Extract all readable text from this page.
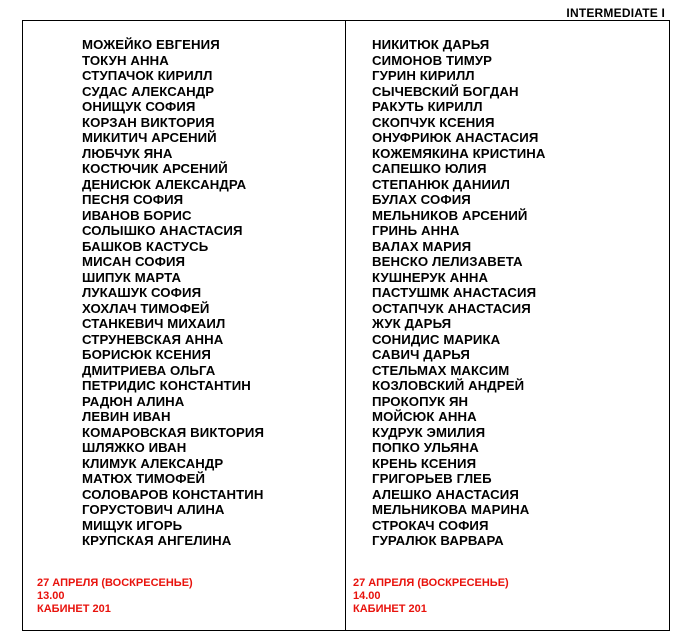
INTERMEDIATE I
МОЖЕЙКО ЕВГЕНИЯ
ТОКУН АННА
СТУПАЧОК КИРИЛЛ
СУДАС АЛЕКСАНДР
ОНИЩУК СОФИЯ
КОРЗАН ВИКТОРИЯ
МИКИТИЧ АРСЕНИЙ
ЛЮБЧУК ЯНА
КОСТЮЧИК АРСЕНИЙ
ДЕНИСЮК АЛЕКСАНДРА
ПЕСНЯ СОФИЯ
ИВАНОВ БОРИС
СОЛЫШКО АНАСТАСИЯ
БАШКОВ КАСТУСЬ
МИСАН СОФИЯ
ШИПУК МАРТА
ЛУКАШУК СОФИЯ
ХОХЛАЧ ТИМОФЕЙ
СТАНКЕВИЧ МИХАИЛ
СТРУНЕВСКАЯ АННА
БОРИСЮК КСЕНИЯ
ДМИТРИЕВА ОЛЬГА
ПЕТРИДИС КОНСТАНТИН
РАДЮН АЛИНА
ЛЕВИН ИВАН
КОМАРОВСКАЯ ВИКТОРИЯ
ШЛЯЖКО ИВАН
КЛИМУК АЛЕКСАНДР
МАТЮХ ТИМОФЕЙ
СОЛОВАРОВ КОНСТАНТИН
ГОРУСТОВИЧ АЛИНА
МИЩУК ИГОРЬ
КРУПСКАЯ АНГЕЛИНА
НИКИТЮК ДАРЬЯ
СИМОНОВ ТИМУР
ГУРИН КИРИЛЛ
СЫЧЕВСКИЙ БОГДАН
РАКУТЬ КИРИЛЛ
СКОПЧУК КСЕНИЯ
ОНУФРИЮК АНАСТАСИЯ
КОЖЕМЯКИНА КРИСТИНА
САПЕШКО ЮЛИЯ
СТЕПАНЮК ДАНИИЛ
БУЛАХ СОФИЯ
МЕЛЬНИКОВ АРСЕНИЙ
ГРИНЬ АННА
ВАЛАХ МАРИЯ
ВЕНСКО ЛЕЛИЗАВЕТА
КУШНЕРУК АННА
ПАСТУШМК АНАСТАСИЯ
ОСТАПЧУК АНАСТАСИЯ
ЖУК ДАРЬЯ
СОНИДИС МАРИКА
САВИЧ ДАРЬЯ
СТЕЛЬМАХ МАКСИМ
КОЗЛОВСКИЙ АНДРЕЙ
ПРОКОПУК ЯН
МОЙСЮК АННА
КУДРУК ЭМИЛИЯ
ПОПКО УЛЬЯНА
КРЕНЬ КСЕНИЯ
ГРИГОРЬЕВ ГЛЕБ
АЛЕШКО АНАСТАСИЯ
МЕЛЬНИКОВА МАРИНА
СТРОКАЧ СОФИЯ
ГУРАЛЮК ВАРВАРА
27 АПРЕЛЯ (ВОСКРЕСЕНЬЕ)
13.00
КАБИНЕТ 201
27 АПРЕЛЯ (ВОСКРЕСЕНЬЕ)
14.00
КАБИНЕТ 201
